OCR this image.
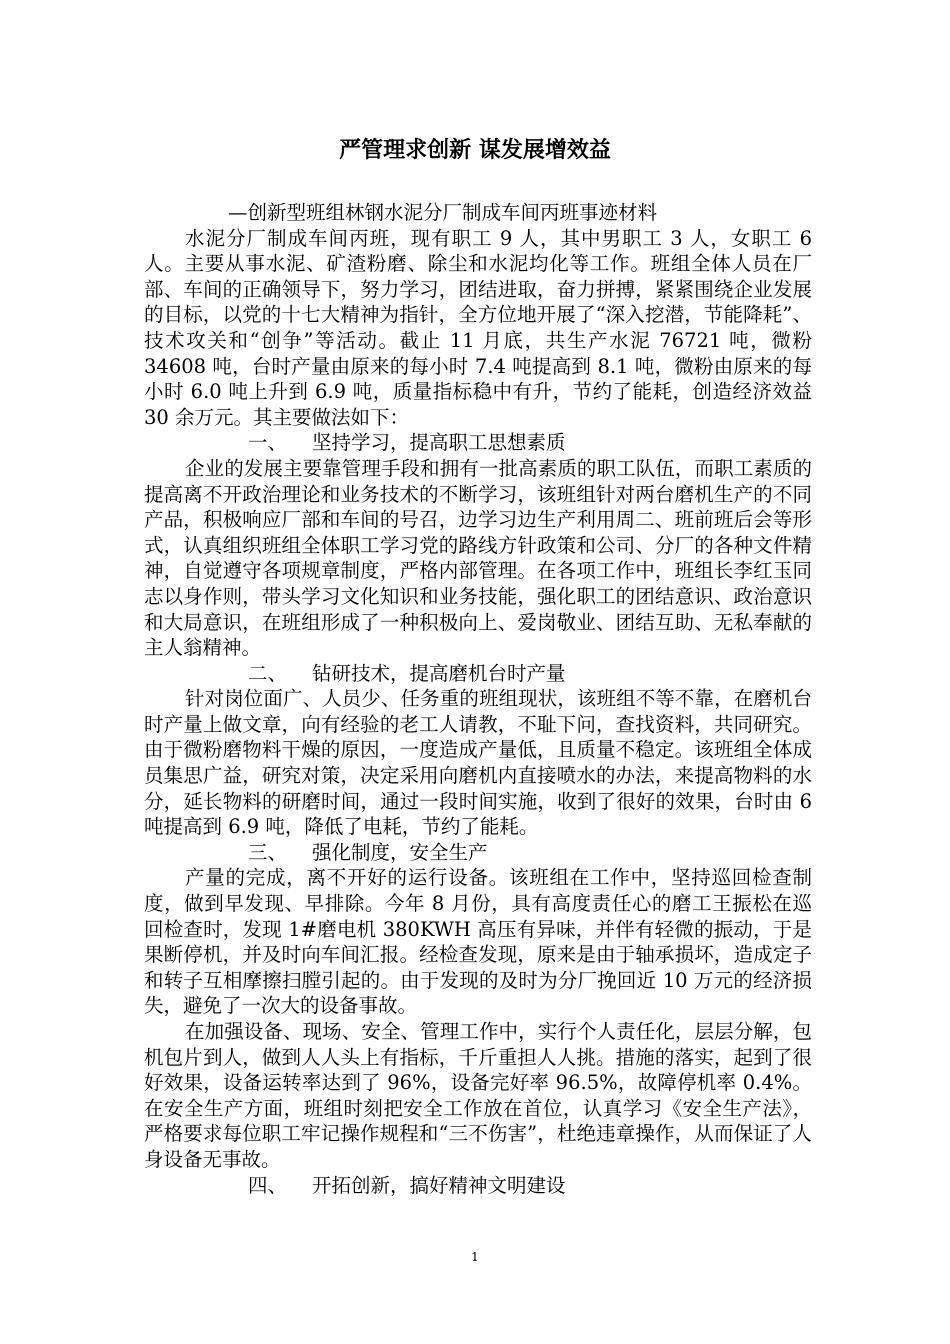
严管理求创新 谋发展增效益

—创新型班组林钢水泥分厂制成车间丙班事迹材料

水泥分厂制成车间丙班，现有职工 9 人，其中男职工 3 人，女职工 6 人。主要从事水泥、矿渣粉磨、除尘和水泥均化等工作。班组全体人员在厂部、车间的正确领导下，努力学习，团结进取，奋力拼搏，紧紧围绕企业发展的目标，以党的十七大精神为指针，全方位地开展了“深入挖潜，节能降耗”、技术攻关和“创争”等活动。截止 11 月底，共生产水泥 76721 吨，微粉 34608 吨，台时产量由原来的每小时 7.4 吨提高到 8.1 吨，微粉由原来的每小时 6.0 吨上升到 6.9 吨，质量指标稳中有升，节约了能耗，创造经济效益 30 余万元。其主要做法如下：

一、 坚持学习，提高职工思想素质

企业的发展主要靠管理手段和拥有一批高素质的职工队伍，而职工素质的提高离不开政治理论和业务技术的不断学习，该班组针对两台磨机生产的不同产品，积极响应厂部和车间的号召，边学习边生产利用周二、班前班后会等形式，认真组织班组全体职工学习党的路线方针政策和公司、分厂的各种文件精神，自觉遵守各项规章制度，严格内部管理。在各项工作中，班组长李红玉同志以身作则，带头学习文化知识和业务技能，强化职工的团结意识、政治意识和大局意识，在班组形成了一种积极向上、爱岗敬业、团结互助、无私奉献的主人翁精神。

二、 钻研技术，提高磨机台时产量

针对岗位面广、人员少、任务重的班组现状，该班组不等不靠，在磨机台时产量上做文章，向有经验的老工人请教，不耻下问，查找资料，共同研究。由于微粉磨物料干燥的原因，一度造成产量低，且质量不稳定。该班组全体成员集思广益，研究对策，决定采用向磨机内直接喷水的办法，来提高物料的水分，延长物料的研磨时间，通过一段时间实施，收到了很好的效果，台时由 6 吨提高到 6.9 吨，降低了电耗，节约了能耗。

三、 强化制度，安全生产

产量的完成，离不开好的运行设备。该班组在工作中，坚持巡回检查制度，做到早发现、早排除。今年 8 月份，具有高度责任心的磨工王振松在巡回检查时，发现 1#磨电机 380KWH 高压有异味，并伴有轻微的振动，于是果断停机，并及时向车间汇报。经检查发现，原来是由于轴承损坏，造成定子和转子互相摩擦扫膛引起的。由于发现的及时为分厂挽回近 10 万元的经济损失，避免了一次大的设备事故。

在加强设备、现场、安全、管理工作中，实行个人责任化，层层分解，包机包片到人，做到人人头上有指标，千斤重担人人挑。措施的落实，起到了很好效果，设备运转率达到了 96%，设备完好率 96.5%，故障停机率 0.4%。在安全生产方面，班组时刻把安全工作放在首位，认真学习《安全生产法》，严格要求每位职工牢记操作规程和“三不伤害”，杜绝违章操作，从而保证了人身设备无事故。

四、 开拓创新，搞好精神文明建设

1
